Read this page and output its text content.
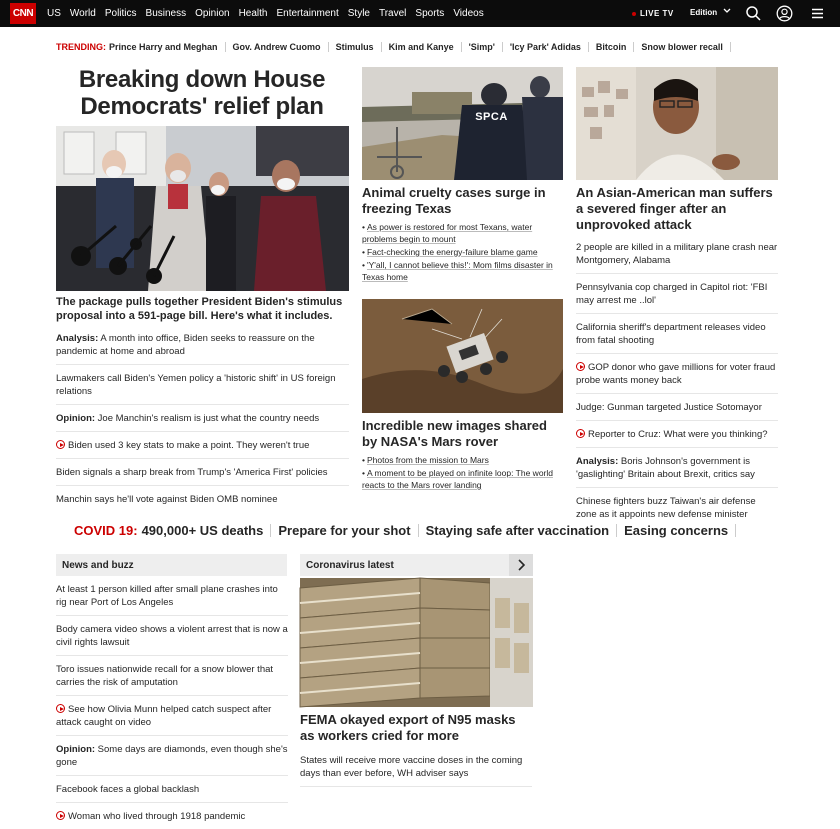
CNN US World Politics Business Opinion Health Entertainment Style Travel Sports Videos	LIVE TV Edition
TRENDING: Prince Harry and Meghan Gov. Andrew Cuomo Stimulus Kim and Kanye 'Simp' 'Icy Park' Adidas Bitcoin Snow blower recall
Breaking down House Democrats' relief plan
The package pulls together President Biden's stimulus proposal into a 591-page bill. Here's what it includes.
Analysis: A month into office, Biden seeks to reassure on the pandemic at home and abroad
Lawmakers call Biden's Yemen policy a 'historic shift' in US foreign relations
Opinion: Joe Manchin's realism is just what the country needs
Biden used 3 key stats to make a point. They weren't true
Biden signals a sharp break from Trump's 'America First' policies
Manchin says he'll vote against Biden OMB nominee
SPCA
Animal cruelty cases surge in freezing Texas
• As power is restored for most Texans, water problems begin to mount
• Fact-checking the energy-failure blame game
• 'Y'all, I cannot believe this!': Mom films disaster in Texas home
Incredible new images shared by NASA's Mars rover
• Photos from the mission to Mars
• A moment to be played on infinite loop: The world reacts to the Mars rover landing
An Asian-American man suffers a severed finger after an unprovoked attack
2 people are killed in a military plane crash near Montgomery, Alabama
Pennsylvania cop charged in Capitol riot: 'FBI may arrest me ..lol'
California sheriff's department releases video from fatal shooting
GOP donor who gave millions for voter fraud probe wants money back
Judge: Gunman targeted Justice Sotomayor
Reporter to Cruz: What were you thinking?
Analysis: Boris Johnson's government is 'gaslighting' Britain about Brexit, critics say
Chinese fighters buzz Taiwan's air defense zone as it appoints new defense minister
COVID 19: 490,000+ US deaths Prepare for your shot Staying safe after vaccination Easing concerns
News and buzz
At least 1 person killed after small plane crashes into rig near Port of Los Angeles
Body camera video shows a violent arrest that is now a civil rights lawsuit
Toro issues nationwide recall for a snow blower that carries the risk of amputation
See how Olivia Munn helped catch suspect after attack caught on video
Opinion: Some days are diamonds, even though she's gone
Facebook faces a global backlash
Woman who lived through 1918 pandemic
Coronavirus latest
FEMA okayed export of N95 masks as workers cried for more
States will receive more vaccine doses in the coming days than ever before, WH adviser says
